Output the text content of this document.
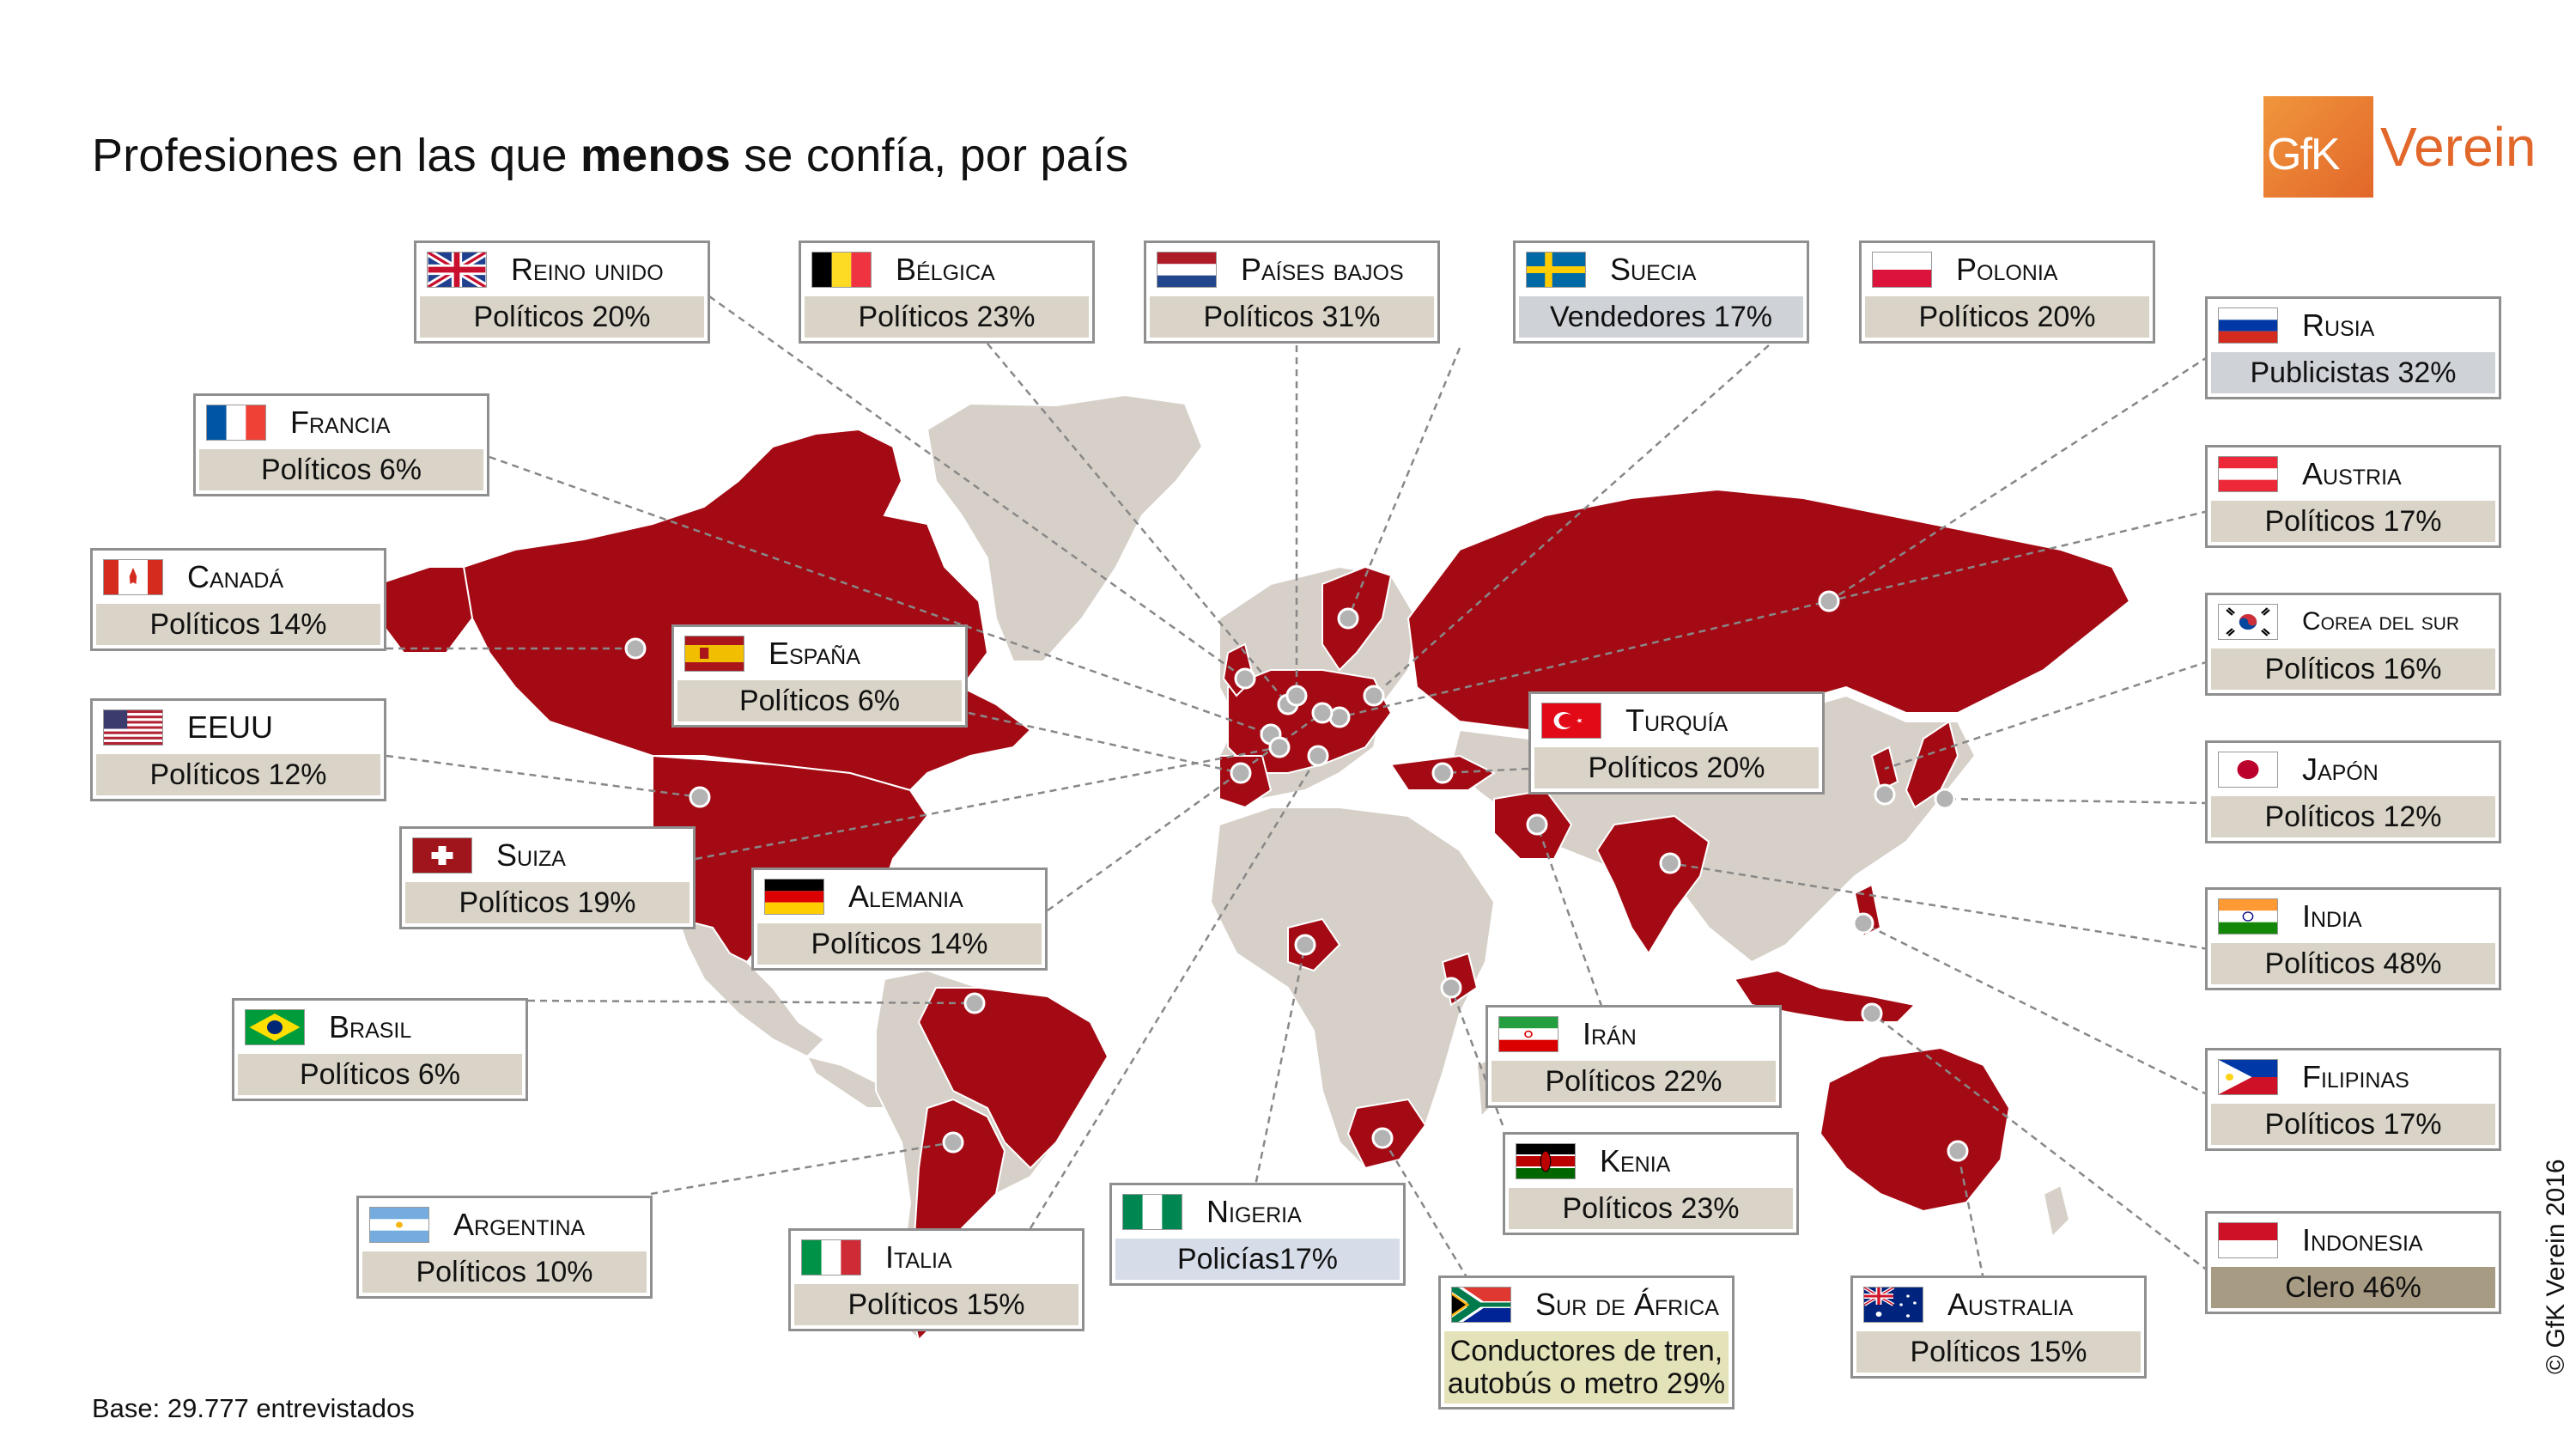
Profesiones en las que menos se confía, por país	GfK Verein
Reino unido
Políticos 20%
Bélgica
Políticos 23%
Países bajos
Políticos 31%
Suecia
Vendedores 17%
Polonia
Políticos 20%	Rusia
Publicistas 32%
Francia
Políticos 6%	Austria
Políticos 17%
Canadá
Políticos 14%
España
Políticos 6%
Corea del sur
Políticos 16%
Turquía
Políticos 20%
EEUU
Políticos 12%	Japón
Políticos 12%
Suiza
Políticos 19%	Alemania
Políticos 14%
India
Políticos 48%
Brasil
Políticos 6%
Irán
Políticos 22%	Filipinas
Políticos 17%
Kenia
Políticos 23%
Argentina
Políticos 10%
Nigeria
Policías17%
Italia
Políticos 15%
Indonesia
Clero 46%
Sur de África
Conductores de tren, autobús o metro 29%
Australia
Políticos 15%
Base: 29.777 entrevistados
© GfK Verein 2016
